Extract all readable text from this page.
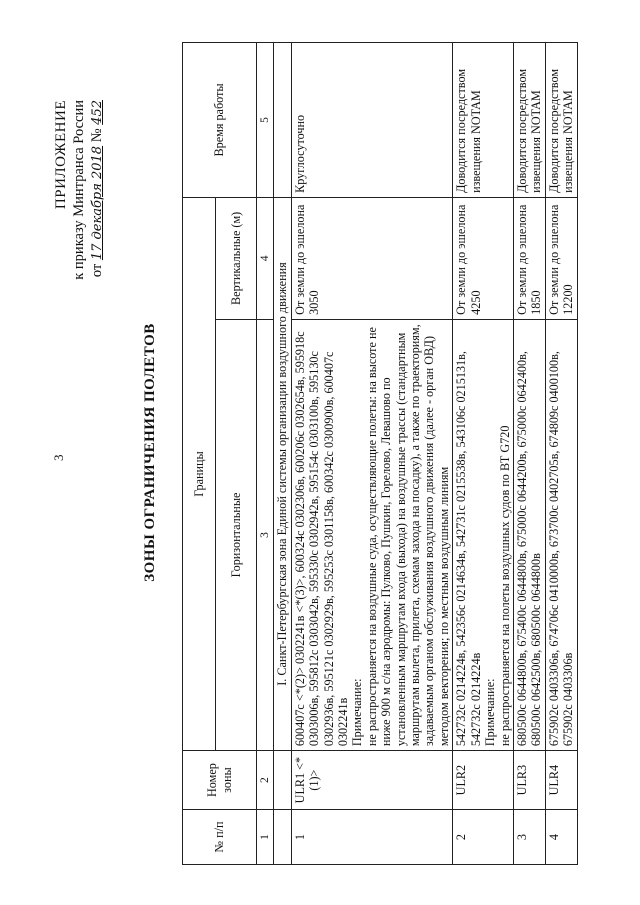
3
ПРИЛОЖЕНИЕ к приказу Минтранса России от 17 декабря 2018 № 452
ЗОНЫ ОГРАНИЧЕНИЯ ПОЛЕТОВ
№ п/п	Номер зоны	Границы		Время работы
		Горизонтальные	Вертикальные (м)	
1	2	3	4	5
		I. Санкт-Петербургская зона Единой системы организации воздушного движения		
1	ULR1 <*(1)>	600407с <*(2)> 0302241в <*(3)>, 600324с 0302306в, 600206с 0302654в, 595918с 0303006в, 595812с 0303042в, 595330с 0302942в, 595154с 0303100в, 595130с 0302936в, 595121с 0302929в, 595253с 0301158в, 600342с 0300900в, 600407с 0302241в Примечание: не распространяется на воздушные суда, осуществляющие полеты: на высоте не ниже 900 м с/на аэродромы: Пулково, Пушкин, Горелово, Левашово по установленным маршрутам входа (выхода) на воздушные трассы (стандартным маршрутам вылета, прилета, схемам захода на посадку), а также по траекториям, задаваемым органом обслуживания воздушного движения (далее - орган ОВД) методом векторения; по местным воздушным линиям	От земли до эшелона 3050	Круглосуточно
2	ULR2	542732с 0214224в, 542356с 0214634в, 542731с 0215538в, 543106с 0215131в, 542732с 0214224в Примечание: не распространяется на полеты воздушных судов по ВТ G720	От земли до эшелона 4250	Доводится посредством извещения NOTAM
3	ULR3	680500с 0644800в, 675400с 0644800в, 675000с 0644200в, 675000с 0642400в, 680500с 0642500в, 680500с 0644800в	От земли до эшелона 1850	Доводится посредством извещения NOTAM
4	ULR4	675902с 0403306в, 674706с 0410000в, 673700с 0402705в, 674809с 0400100в, 675902с 0403306в	От земли до эшелона 12200	Доводится посредством извещения NOTAM
